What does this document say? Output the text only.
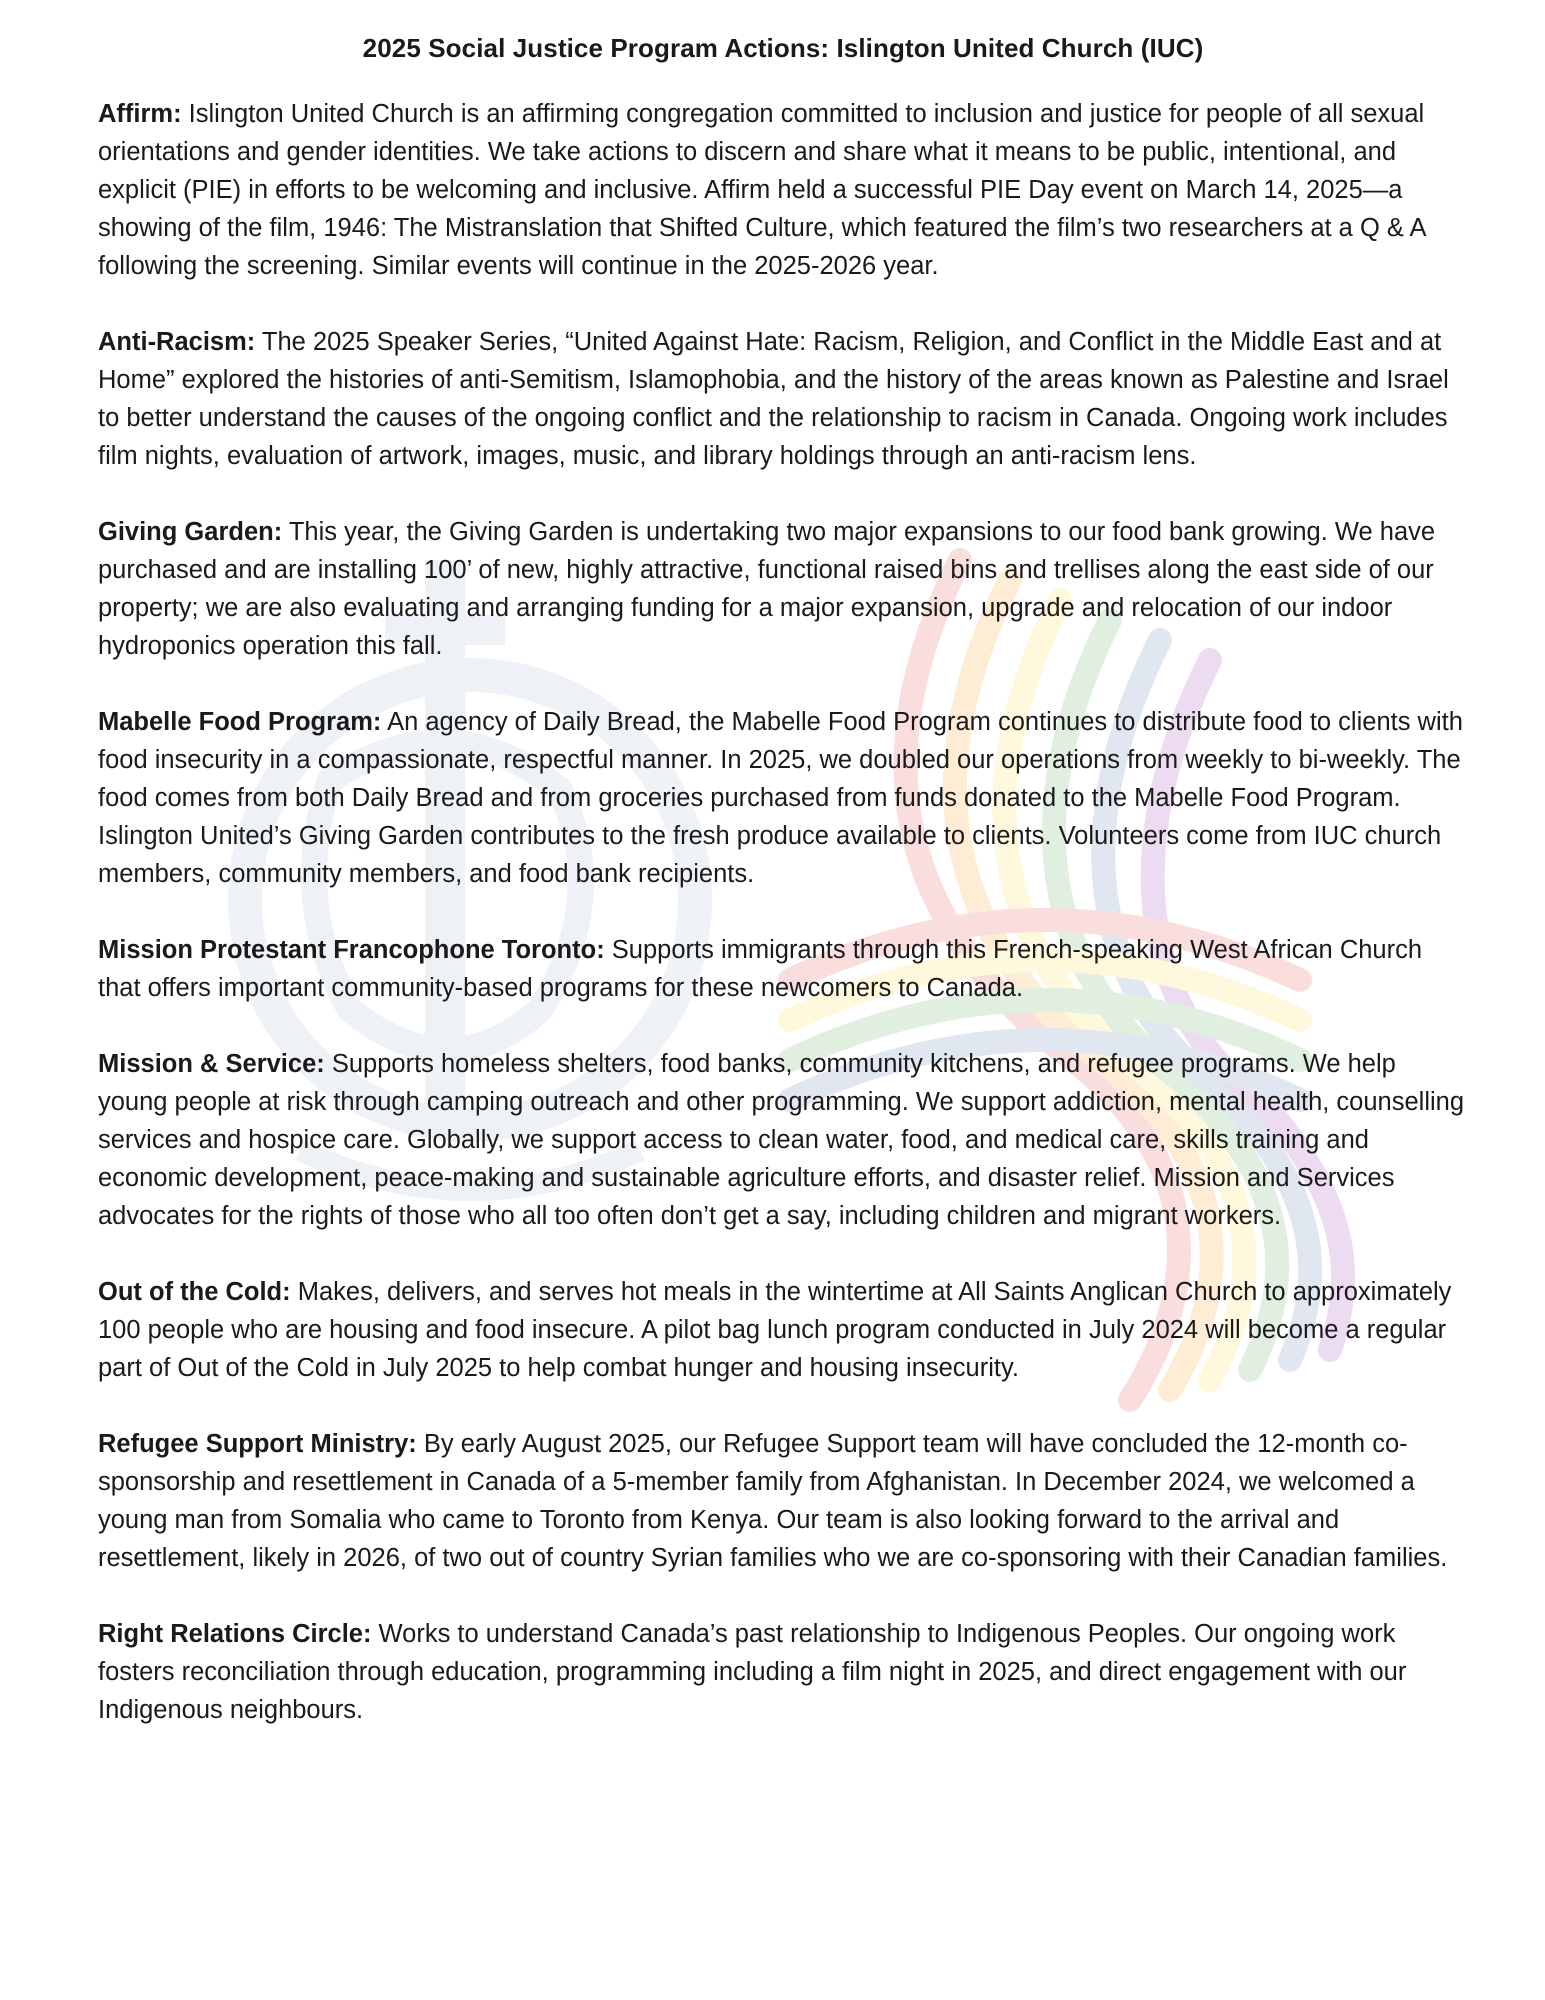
2025 Social Justice Program Actions: Islington United Church (IUC)

Affirm: Islington United Church is an affirming congregation committed to inclusion and justice for people of all sexual orientations and gender identities. We take actions to discern and share what it means to be public, intentional, and explicit (PIE) in efforts to be welcoming and inclusive. Affirm held a successful PIE Day event on March 14, 2025—a showing of the film, 1946: The Mistranslation that Shifted Culture, which featured the film’s two researchers at a Q & A following the screening. Similar events will continue in the 2025-2026 year.

Anti-Racism: The 2025 Speaker Series, “United Against Hate: Racism, Religion, and Conflict in the Middle East and at Home” explored the histories of anti-Semitism, Islamophobia, and the history of the areas known as Palestine and Israel to better understand the causes of the ongoing conflict and the relationship to racism in Canada. Ongoing work includes film nights, evaluation of artwork, images, music, and library holdings through an anti-racism lens.

Giving Garden: This year, the Giving Garden is undertaking two major expansions to our food bank growing. We have purchased and are installing 100’ of new, highly attractive, functional raised bins and trellises along the east side of our property; we are also evaluating and arranging funding for a major expansion, upgrade and relocation of our indoor hydroponics operation this fall.

Mabelle Food Program: An agency of Daily Bread, the Mabelle Food Program continues to distribute food to clients with food insecurity in a compassionate, respectful manner. In 2025, we doubled our operations from weekly to bi-weekly. The food comes from both Daily Bread and from groceries purchased from funds donated to the Mabelle Food Program. Islington United’s Giving Garden contributes to the fresh produce available to clients. Volunteers come from IUC church members, community members, and food bank recipients.

Mission Protestant Francophone Toronto: Supports immigrants through this French-speaking West African Church that offers important community-based programs for these newcomers to Canada.

Mission & Service: Supports homeless shelters, food banks, community kitchens, and refugee programs. We help young people at risk through camping outreach and other programming. We support addiction, mental health, counselling services and hospice care. Globally, we support access to clean water, food, and medical care, skills training and economic development, peace-making and sustainable agriculture efforts, and disaster relief. Mission and Services advocates for the rights of those who all too often don’t get a say, including children and migrant workers.

Out of the Cold: Makes, delivers, and serves hot meals in the wintertime at All Saints Anglican Church to approximately 100 people who are housing and food insecure. A pilot bag lunch program conducted in July 2024 will become a regular part of Out of the Cold in July 2025 to help combat hunger and housing insecurity.

Refugee Support Ministry: By early August 2025, our Refugee Support team will have concluded the 12-month co-sponsorship and resettlement in Canada of a 5-member family from Afghanistan. In December 2024, we welcomed a young man from Somalia who came to Toronto from Kenya. Our team is also looking forward to the arrival and resettlement, likely in 2026, of two out of country Syrian families who we are co-sponsoring with their Canadian families.

Right Relations Circle: Works to understand Canada’s past relationship to Indigenous Peoples. Our ongoing work fosters reconciliation through education, programming including a film night in 2025, and direct engagement with our Indigenous neighbours.
